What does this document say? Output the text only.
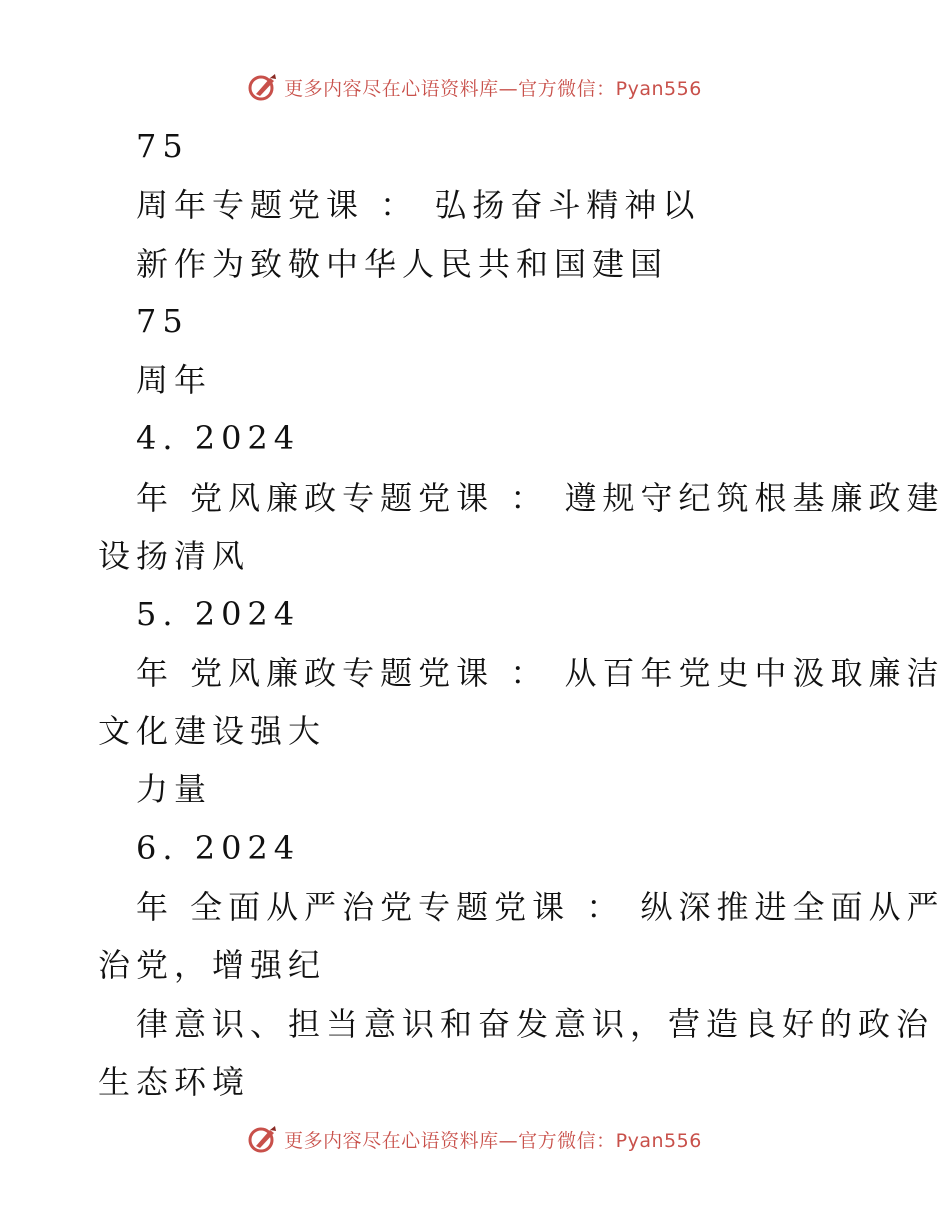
更多内容尽在心语资料库—官方微信：Pyan556
75
周年专题党课 ： 弘扬奋斗精神以
新作为致敬中华人民共和国建国
75
周年
4. 2024
年 党风廉政专题党课 ： 遵规守纪筑根基廉政建
设扬清风
5. 2024
年 党风廉政专题党课 ： 从百年党史中汲取廉洁
文化建设强大
力量
6. 2024
年 全面从严治党专题党课 ： 纵深推进全面从严
治党，增强纪
律意识、担当意识和奋发意识，营造良好的政治
生态环境
更多内容尽在心语资料库—官方微信：Pyan556
